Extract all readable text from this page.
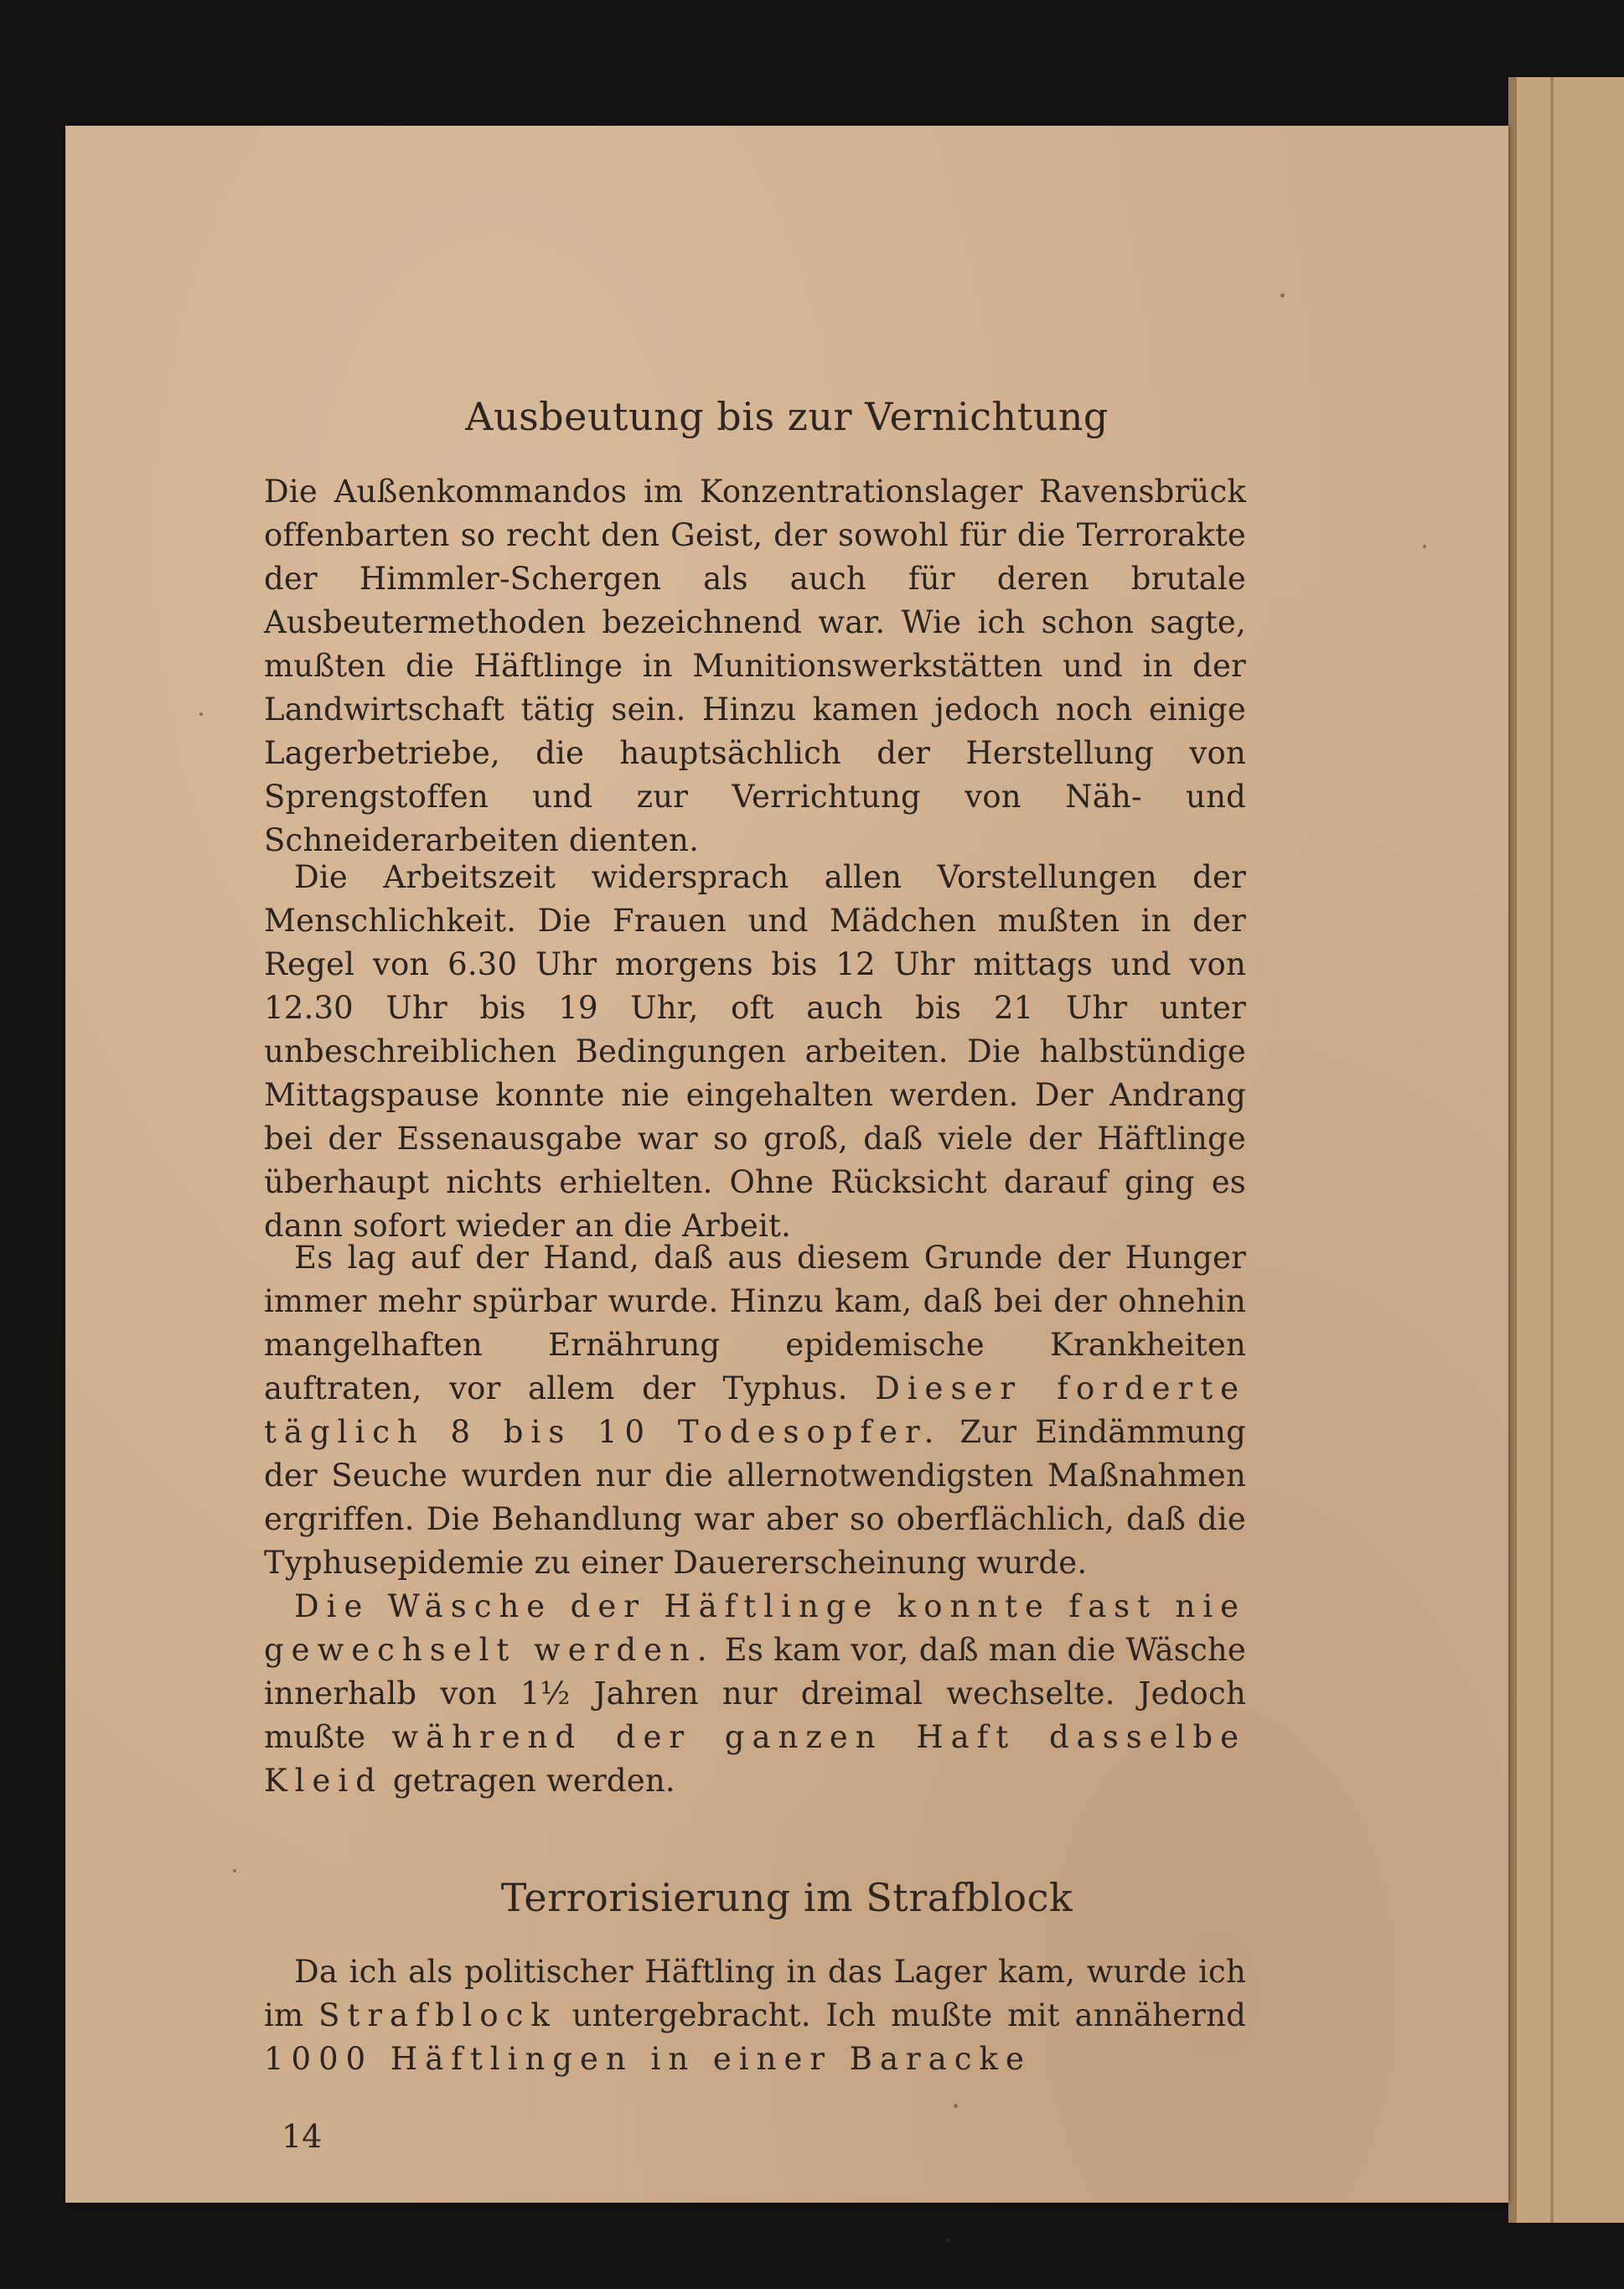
Ausbeutung bis zur Vernichtung

Die Außenkommandos im Konzentrationslager Ravensbrück offenbarten so recht den Geist, der sowohl für die Terrorakte der Himmler-Schergen als auch für deren brutale Ausbeutermethoden bezeichnend war. Wie ich schon sagte, mußten die Häftlinge in Munitionswerkstätten und in der Landwirtschaft tätig sein. Hinzu kamen jedoch noch einige Lagerbetriebe, die hauptsächlich der Herstellung von Sprengstoffen und zur Verrichtung von Näh- und Schneiderarbeiten dienten.

Die Arbeitszeit widersprach allen Vorstellungen der Menschlichkeit. Die Frauen und Mädchen mußten in der Regel von 6.30 Uhr morgens bis 12 Uhr mittags und von 12.30 Uhr bis 19 Uhr, oft auch bis 21 Uhr unter unbeschreiblichen Bedingungen arbeiten. Die halbstündige Mittagspause konnte nie eingehalten werden. Der Andrang bei der Essenausgabe war so groß, daß viele der Häftlinge überhaupt nichts erhielten. Ohne Rücksicht darauf ging es dann sofort wieder an die Arbeit.

Es lag auf der Hand, daß aus diesem Grunde der Hunger immer mehr spürbar wurde. Hinzu kam, daß bei der ohnehin mangelhaften Ernährung epidemische Krankheiten auftraten, vor allem der Typhus. Dieser forderte täglich 8 bis 10 Todesopfer. Zur Eindämmung der Seuche wurden nur die allernotwendigsten Maßnahmen ergriffen. Die Behandlung war aber so oberflächlich, daß die Typhusepidemie zu einer Dauererscheinung wurde.

Die Wäsche der Häftlinge konnte fast nie gewechselt werden. Es kam vor, daß man die Wäsche innerhalb von 1½ Jahren nur dreimal wechselte. Jedoch mußte während der ganzen Haft dasselbe Kleid getragen werden.

Terrorisierung im Strafblock

Da ich als politischer Häftling in das Lager kam, wurde ich im Strafblock untergebracht. Ich mußte mit annähernd 1000 Häftlingen in einer Baracke

14
